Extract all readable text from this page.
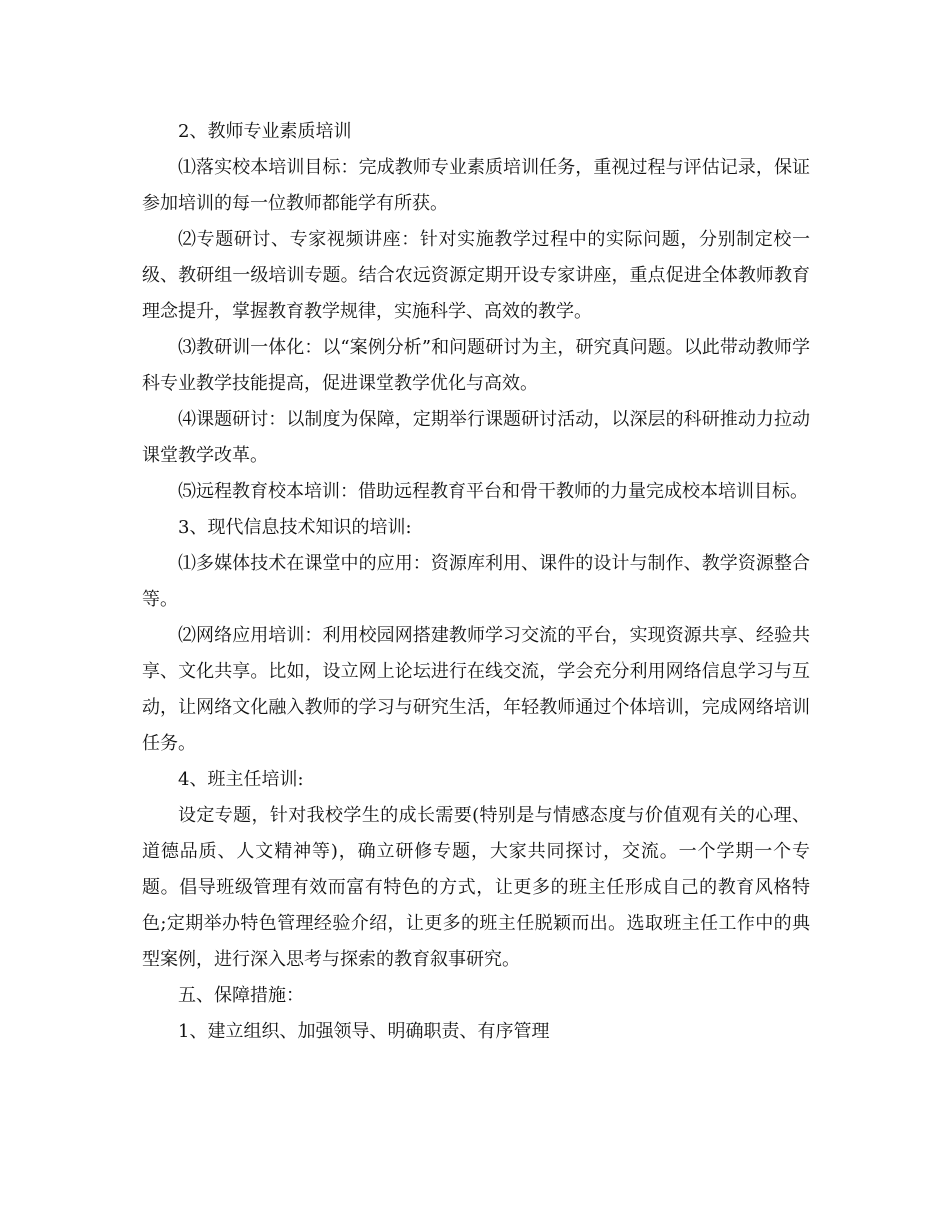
2、教师专业素质培训

⑴落实校本培训目标：完成教师专业素质培训任务，重视过程与评估记录，保证参加培训的每一位教师都能学有所获。

⑵专题研讨、专家视频讲座：针对实施教学过程中的实际问题，分别制定校一级、教研组一级培训专题。结合农远资源定期开设专家讲座，重点促进全体教师教育理念提升，掌握教育教学规律，实施科学、高效的教学。

⑶教研训一体化：以“案例分析”和问题研讨为主，研究真问题。以此带动教师学科专业教学技能提高，促进课堂教学优化与高效。

⑷课题研讨：以制度为保障，定期举行课题研讨活动，以深层的科研推动力拉动课堂教学改革。

⑸远程教育校本培训：借助远程教育平台和骨干教师的力量完成校本培训目标。

3、现代信息技术知识的培训:

⑴多媒体技术在课堂中的应用：资源库利用、课件的设计与制作、教学资源整合等。

⑵网络应用培训：利用校园网搭建教师学习交流的平台，实现资源共享、经验共享、文化共享。比如，设立网上论坛进行在线交流，学会充分利用网络信息学习与互动，让网络文化融入教师的学习与研究生活，年轻教师通过个体培训，完成网络培训任务。

4、班主任培训:

设定专题，针对我校学生的成长需要(特别是与情感态度与价值观有关的心理、道德品质、人文精神等)，确立研修专题，大家共同探讨，交流。一个学期一个专题。倡导班级管理有效而富有特色的方式，让更多的班主任形成自己的教育风格特色;定期举办特色管理经验介绍，让更多的班主任脱颖而出。选取班主任工作中的典型案例，进行深入思考与探索的教育叙事研究。

五、保障措施：

1、建立组织、加强领导、明确职责、有序管理
